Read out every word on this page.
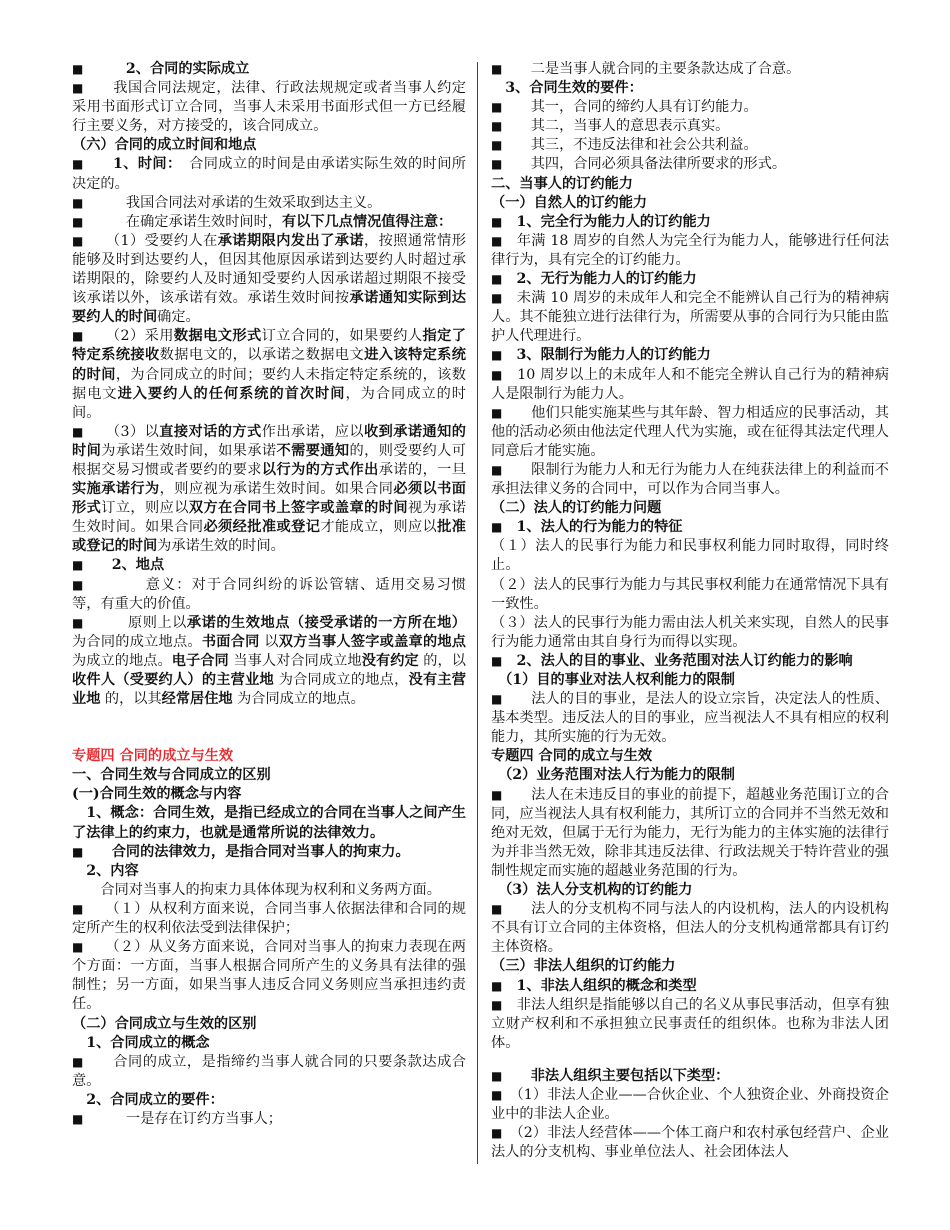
■　　　	2、合同的实际成立
■　　我国合同法规定，法律、行政法规规定或者当事人约定采用书面形式订立合同，当事人未采用书面形式但一方已经履行主要义务，对方接受的，该合同成立。
（六）合同的成立时间和地点
■　　 1、时间：　合同成立的时间是由承诺实际生效的时间所决定的。
■　　　我国合同法对承诺的生效采取到达主义。
■　　　在确定承诺生效时间时，有以下几点情况值得注意：
■　　（1）受要约人在承诺期限内发出了承诺，按照通常情形能够及时到达要约人，但因其他原因承诺到达要约人时超过承诺期限的，除要约人及时通知受要约人因承诺超过期限不接受该承诺以外，该承诺有效。承诺生效时间按承诺通知实际到达要约人的时间确定。
■　　（2）采用数据电文形式订立合同的，如果要约人指定了特定系统接收数据电文的，以承诺之数据电文进入该特定系统的时间，为合同成立的时间；要约人未指定特定系统的，该数据电文进入要约人的任何系统的首次时间，为合同成立的时间。
■　　（3）以直接对话的方式作出承诺，应以收到承诺通知的时间为承诺生效时间，如果承诺不需要通知的，则受要约人可根据交易习惯或者要约的要求以行为的方式作出承诺的，一旦实施承诺行为，则应视为承诺生效时间。如果合同必须以书面形式订立，则应以双方在合同书上签字或盖章的时间视为承诺生效时间。如果合同必须经批准或登记才能成立，则应以批准或登记的时间为承诺生效的时间。
■　　 2、地点
■　　　　意义：对于合同纠纷的诉讼管辖、适用交易习惯等，有重大的价值。
■　　　原则上以承诺的生效地点（接受承诺的一方所在地） 为合同的成立地点。书面合同 以双方当事人签字或盖章的地点 为成立的地点。电子合同 当事人对合同成立地没有约定 的，以收件人（受要约人）的主营业地 为合同成立的地点，没有主营业地 的，以其经常居住地 为合同成立的地点。
专题四 合同的成立与生效
一、合同生效与合同成立的区别
(一)合同生效的概念与内容
　1、概念：合同生效，是指已经成立的合同在当事人之间产生了法律上的约束力，也就是通常所说的法律效力。
■　　 合同的法律效力，是指合同对当事人的拘束力。
　2、内容
　　合同对当事人的拘束力具体体现为权利和义务两方面。
■　　（１）从权利方面来说，合同当事人依据法律和合同的规定所产生的权利依法受到法律保护；
■　　（２）从义务方面来说，合同对当事人的拘束力表现在两个方面：一方面，当事人根据合同所产生的义务具有法律的强制性；另一方面，如果当事人违反合同义务则应当承担违约责任。
（二）合同成立与生效的区别
　1、合同成立的概念
■　　合同的成立，是指缔约当事人就合同的只要条款达成合意。
　2、合同成立的要件：
■　　　一是存在订约方当事人；
■　　二是当事人就合同的主要条款达成了合意。
　3、合同生效的要件：
■　　其一，合同的缔约人具有订约能力。
■　　其二，当事人的意思表示真实。
■　　其三，不违反法律和社会公共利益。
■　　其四，合同必须具备法律所要求的形式。
二、当事人的订约能力
（一）自然人的订约能力
■　 1、完全行为能力人的订约能力
■　年满 18 周岁的自然人为完全行为能力人，能够进行任何法律行为，具有完全的订约能力。
■　 2、无行为能力人的订约能力
■　未满 10 周岁的未成年人和完全不能辨认自己行为的精神病人。其不能独立进行法律行为，所需要从事的合同行为只能由监护人代理进行。
■　 3、限制行为能力人的订约能力
■　10 周岁以上的未成年人和不能完全辨认自己行为的精神病人是限制行为能力人。
■　　他们只能实施某些与其年龄、智力相适应的民事活动，其他的活动必须由他法定代理人代为实施，或在征得其法定代理人同意后才能实施。
■　　限制行为能力人和无行为能力人在纯获法律上的利益而不承担法律义务的合同中，可以作为合同当事人。
（二）法人的订约能力问题
■　 1、法人的行为能力的特征
（１）法人的民事行为能力和民事权利能力同时取得，同时终止。
（２）法人的民事行为能力与其民事权利能力在通常情况下具有一致性。
（３）法人的民事行为能力需由法人机关来实现，自然人的民事行为能力通常由其自身行为而得以实现。
■　 2、法人的目的事业、业务范围对法人订约能力的影响
　（1）目的事业对法人权利能力的限制
■　　法人的目的事业，是法人的设立宗旨，决定法人的性质、基本类型。违反法人的目的事业，应当视法人不具有相应的权利能力，其所实施的行为无效。
专题四 合同的成立与生效
　（2）业务范围对法人行为能力的限制
■　　法人在未违反目的事业的前提下，超越业务范围订立的合同，应当视法人具有权利能力，其所订立的合同并不当然无效和绝对无效，但属于无行为能力，无行为能力的主体实施的法律行为并非当然无效，除非其违反法律、行政法规关于特许营业的强制性规定而实施的超越业务范围的行为。
　（3）法人分支机构的订约能力
■　　法人的分支机构不同与法人的内设机构，法人的内设机构不具有订立合同的主体资格，但法人的分支机构通常都具有订约主体资格。
（三）非法人组织的订约能力
■　 1、非法人组织的概念和类型
■　非法人组织是指能够以自己的名义从事民事活动，但享有独立财产权利和不承担独立民事责任的组织体。也称为非法人团体。
■　　 非法人组织主要包括以下类型：
■　（1）非法人企业——合伙企业、个人独资企业、外商投资企业中的非法人企业。
■　（2）非法人经营体——个体工商户和农村承包经营户、企业法人的分支机构、事业单位法人、社会团体法人
